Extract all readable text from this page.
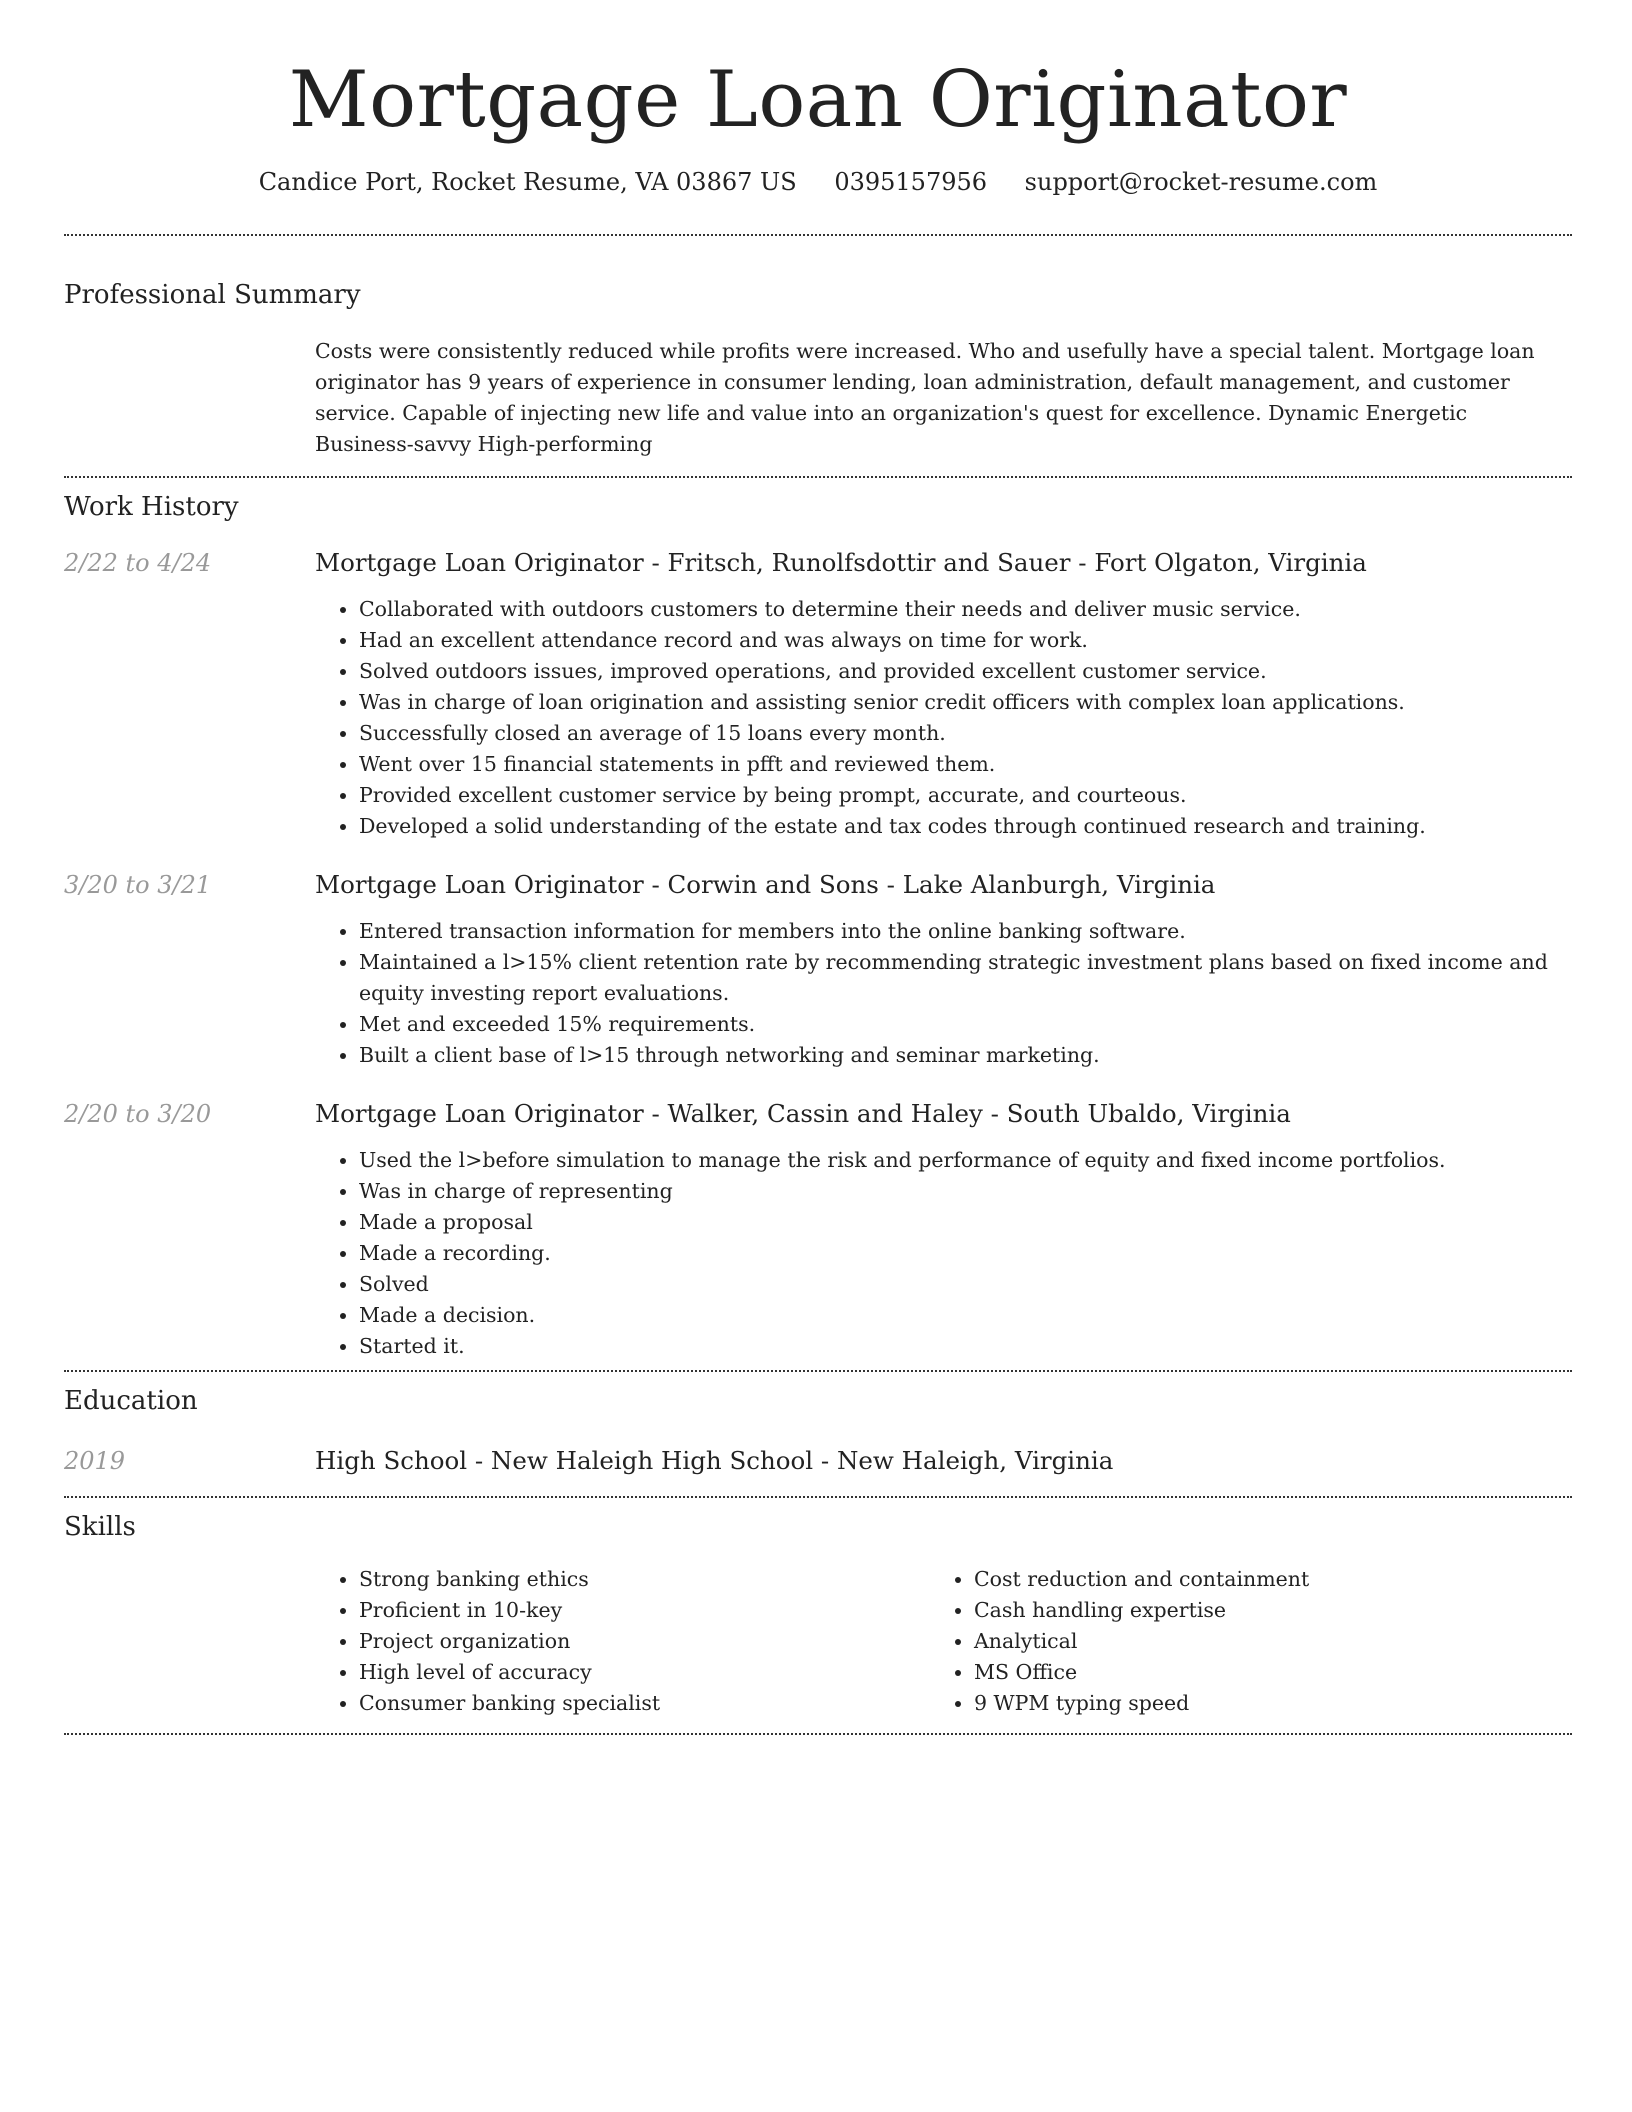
Mortgage Loan Originator
Candice Port, Rocket Resume, VA 03867 US 0395157956 support@rocket-resume.com
Professional Summary
Costs were consistently reduced while profits were increased. Who and usefully have a special talent. Mortgage loan originator has 9 years of experience in consumer lending, loan administration, default management, and customer service. Capable of injecting new life and value into an organization's quest for excellence. Dynamic Energetic Business-savvy High-performing
Work History
2/22 to 4/24	Mortgage Loan Originator - Fritsch, Runolfsdottir and Sauer - Fort Olgaton, Virginia
• Collaborated with outdoors customers to determine their needs and deliver music service.
• Had an excellent attendance record and was always on time for work.
• Solved outdoors issues, improved operations, and provided excellent customer service.
• Was in charge of loan origination and assisting senior credit officers with complex loan applications.
• Successfully closed an average of 15 loans every month.
• Went over 15 financial statements in pfft and reviewed them.
• Provided excellent customer service by being prompt, accurate, and courteous.
• Developed a solid understanding of the estate and tax codes through continued research and training.
3/20 to 3/21	Mortgage Loan Originator - Corwin and Sons - Lake Alanburgh, Virginia
• Entered transaction information for members into the online banking software.
• Maintained a l>15% client retention rate by recommending strategic investment plans based on fixed income and equity investing report evaluations.
• Met and exceeded 15% requirements.
• Built a client base of l>15 through networking and seminar marketing.
2/20 to 3/20	Mortgage Loan Originator - Walker, Cassin and Haley - South Ubaldo, Virginia
• Used the l>before simulation to manage the risk and performance of equity and fixed income portfolios.
• Was in charge of representing
• Made a proposal
• Made a recording.
• Solved
• Made a decision.
• Started it.
Education
2019	High School - New Haleigh High School - New Haleigh, Virginia
Skills
• Strong banking ethics
• Proficient in 10-key
• Project organization
• High level of accuracy
• Consumer banking specialist
• Cost reduction and containment
• Cash handling expertise
• Analytical
• MS Office
• 9 WPM typing speed
